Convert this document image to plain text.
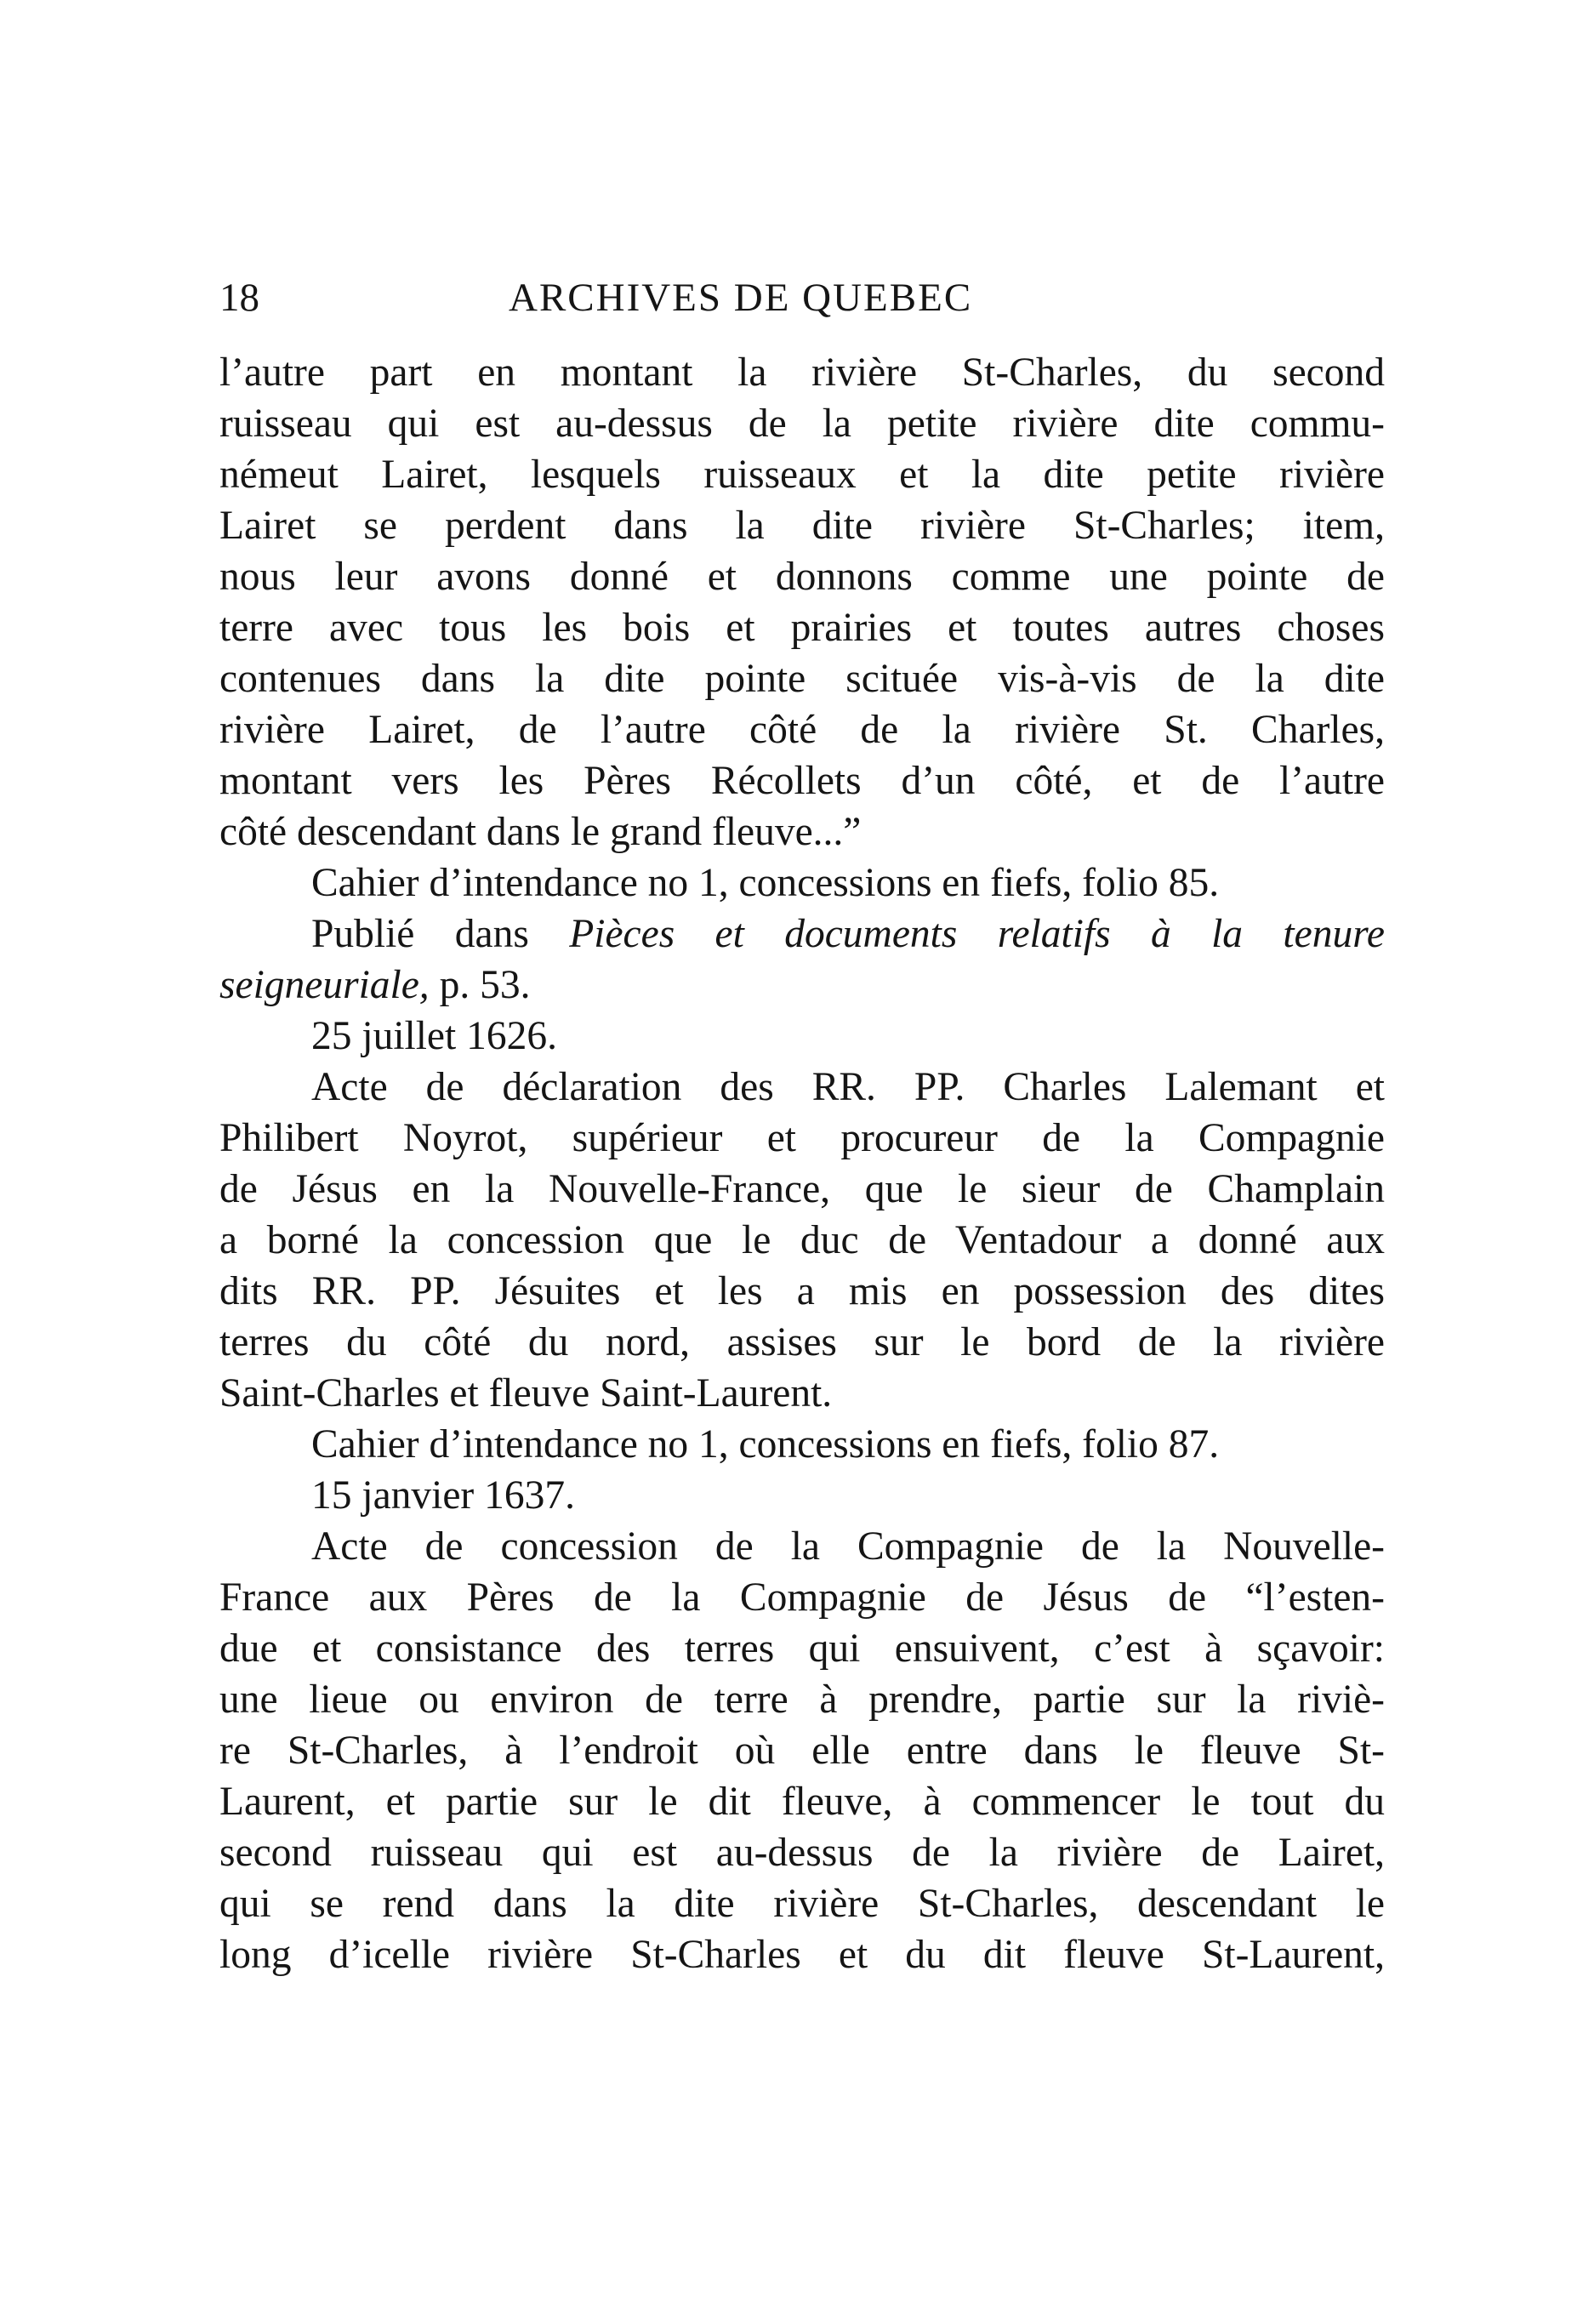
18	ARCHIVES DE QUEBEC
l’autre part en montant la rivière St-Charles, du second
ruisseau qui est au-dessus de la petite rivière dite commu-
némeut Lairet, lesquels ruisseaux et la dite petite rivière
Lairet se perdent dans la dite rivière St-Charles; item,
nous leur avons donné et donnons comme une pointe de
terre avec tous les bois et prairies et toutes autres choses
contenues dans la dite pointe scituée vis-à-vis de la dite
rivière Lairet, de l’autre côté de la rivière St. Charles,
montant vers les Pères Récollets d’un côté, et de l’autre
côté descendant dans le grand fleuve...”
Cahier d’intendance no 1, concessions en fiefs, folio 85.
Publié dans Pièces et documents relatifs à la tenure
seigneuriale, p. 53.
25 juillet 1626.
Acte de déclaration des RR. PP. Charles Lalemant et
Philibert Noyrot, supérieur et procureur de la Compagnie
de Jésus en la Nouvelle-France, que le sieur de Champlain
a borné la concession que le duc de Ventadour a donné aux
dits RR. PP. Jésuites et les a mis en possession des dites
terres du côté du nord, assises sur le bord de la rivière
Saint-Charles et fleuve Saint-Laurent.
Cahier d’intendance no 1, concessions en fiefs, folio 87.
15 janvier 1637.
Acte de concession de la Compagnie de la Nouvelle-
France aux Pères de la Compagnie de Jésus de “l’esten-
due et consistance des terres qui ensuivent, c’est à sçavoir:
une lieue ou environ de terre à prendre, partie sur la riviè-
re St-Charles, à l’endroit où elle entre dans le fleuve St-
Laurent, et partie sur le dit fleuve, à commencer le tout du
second ruisseau qui est au-dessus de la rivière de Lairet,
qui se rend dans la dite rivière St-Charles, descendant le
long d’icelle rivière St-Charles et du dit fleuve St-Laurent,
